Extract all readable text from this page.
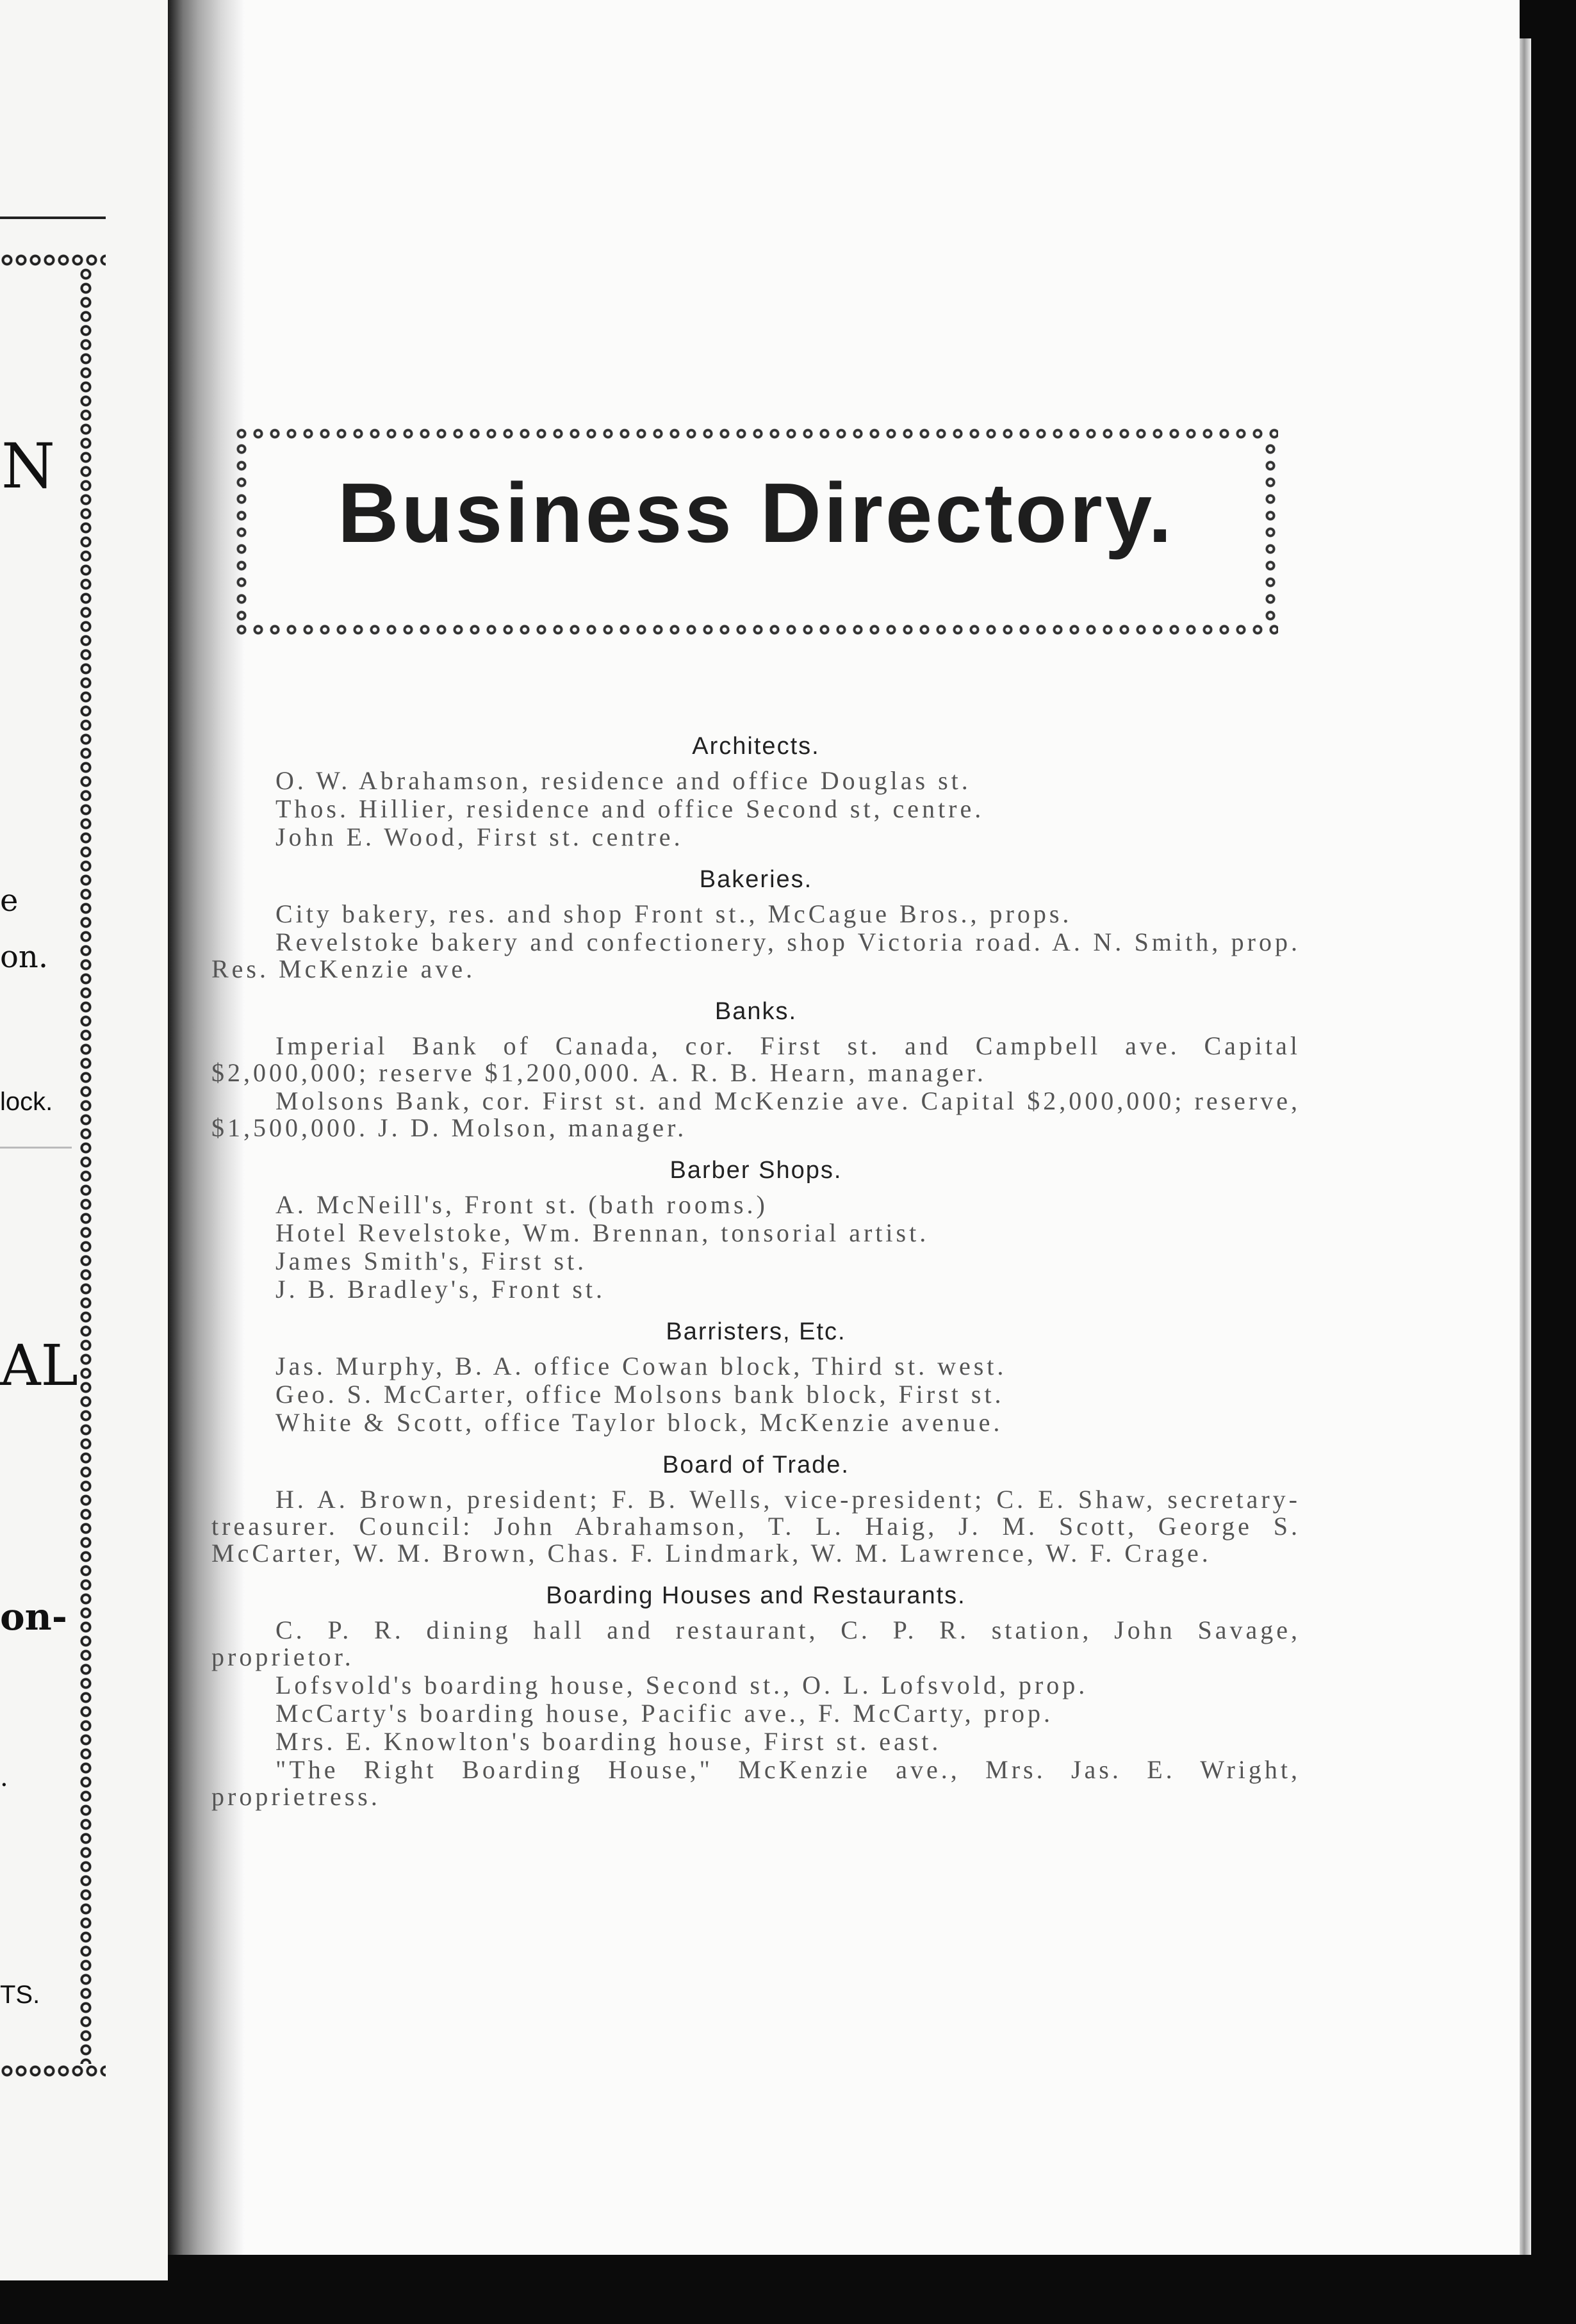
N
e
on.
lock.
AL
on-
.
TS.
Business Directory.
Architects.
O. W. Abrahamson, residence and office Douglas st.
Thos. Hillier, residence and office Second st, centre.
John E. Wood, First st. centre.
Bakeries.
City bakery, res. and shop Front st., McCague Bros., props.
Revelstoke bakery and confectionery, shop Victoria road. A. N. Smith, prop. Res. McKenzie ave.
Banks.
Imperial Bank of Canada, cor. First st. and Campbell ave. Capital $2,000,000; reserve $1,200,000. A. R. B. Hearn, manager.
Molsons Bank, cor. First st. and McKenzie ave. Capital $2,000,000; reserve, $1,500,000. J. D. Molson, manager.
Barber Shops.
A. McNeill's, Front st. (bath rooms.)
Hotel Revelstoke, Wm. Brennan, tonsorial artist.
James Smith's, First st.
J. B. Bradley's, Front st.
Barristers, Etc.
Jas. Murphy, B. A. office Cowan block, Third st. west.
Geo. S. McCarter, office Molsons bank block, First st.
White & Scott, office Taylor block, McKenzie avenue.
Board of Trade.
H. A. Brown, president; F. B. Wells, vice-president; C. E. Shaw, secretary-treasurer. Council: John Abrahamson, T. L. Haig, J. M. Scott, George S. McCarter, W. M. Brown, Chas. F. Lindmark, W. M. Lawrence, W. F. Crage.
Boarding Houses and Restaurants.
C. P. R. dining hall and restaurant, C. P. R. station, John Savage, proprietor.
Lofsvold's boarding house, Second st., O. L. Lofsvold, prop.
McCarty's boarding house, Pacific ave., F. McCarty, prop.
Mrs. E. Knowlton's boarding house, First st. east.
"The Right Boarding House," McKenzie ave., Mrs. Jas. E. Wright, proprietress.
